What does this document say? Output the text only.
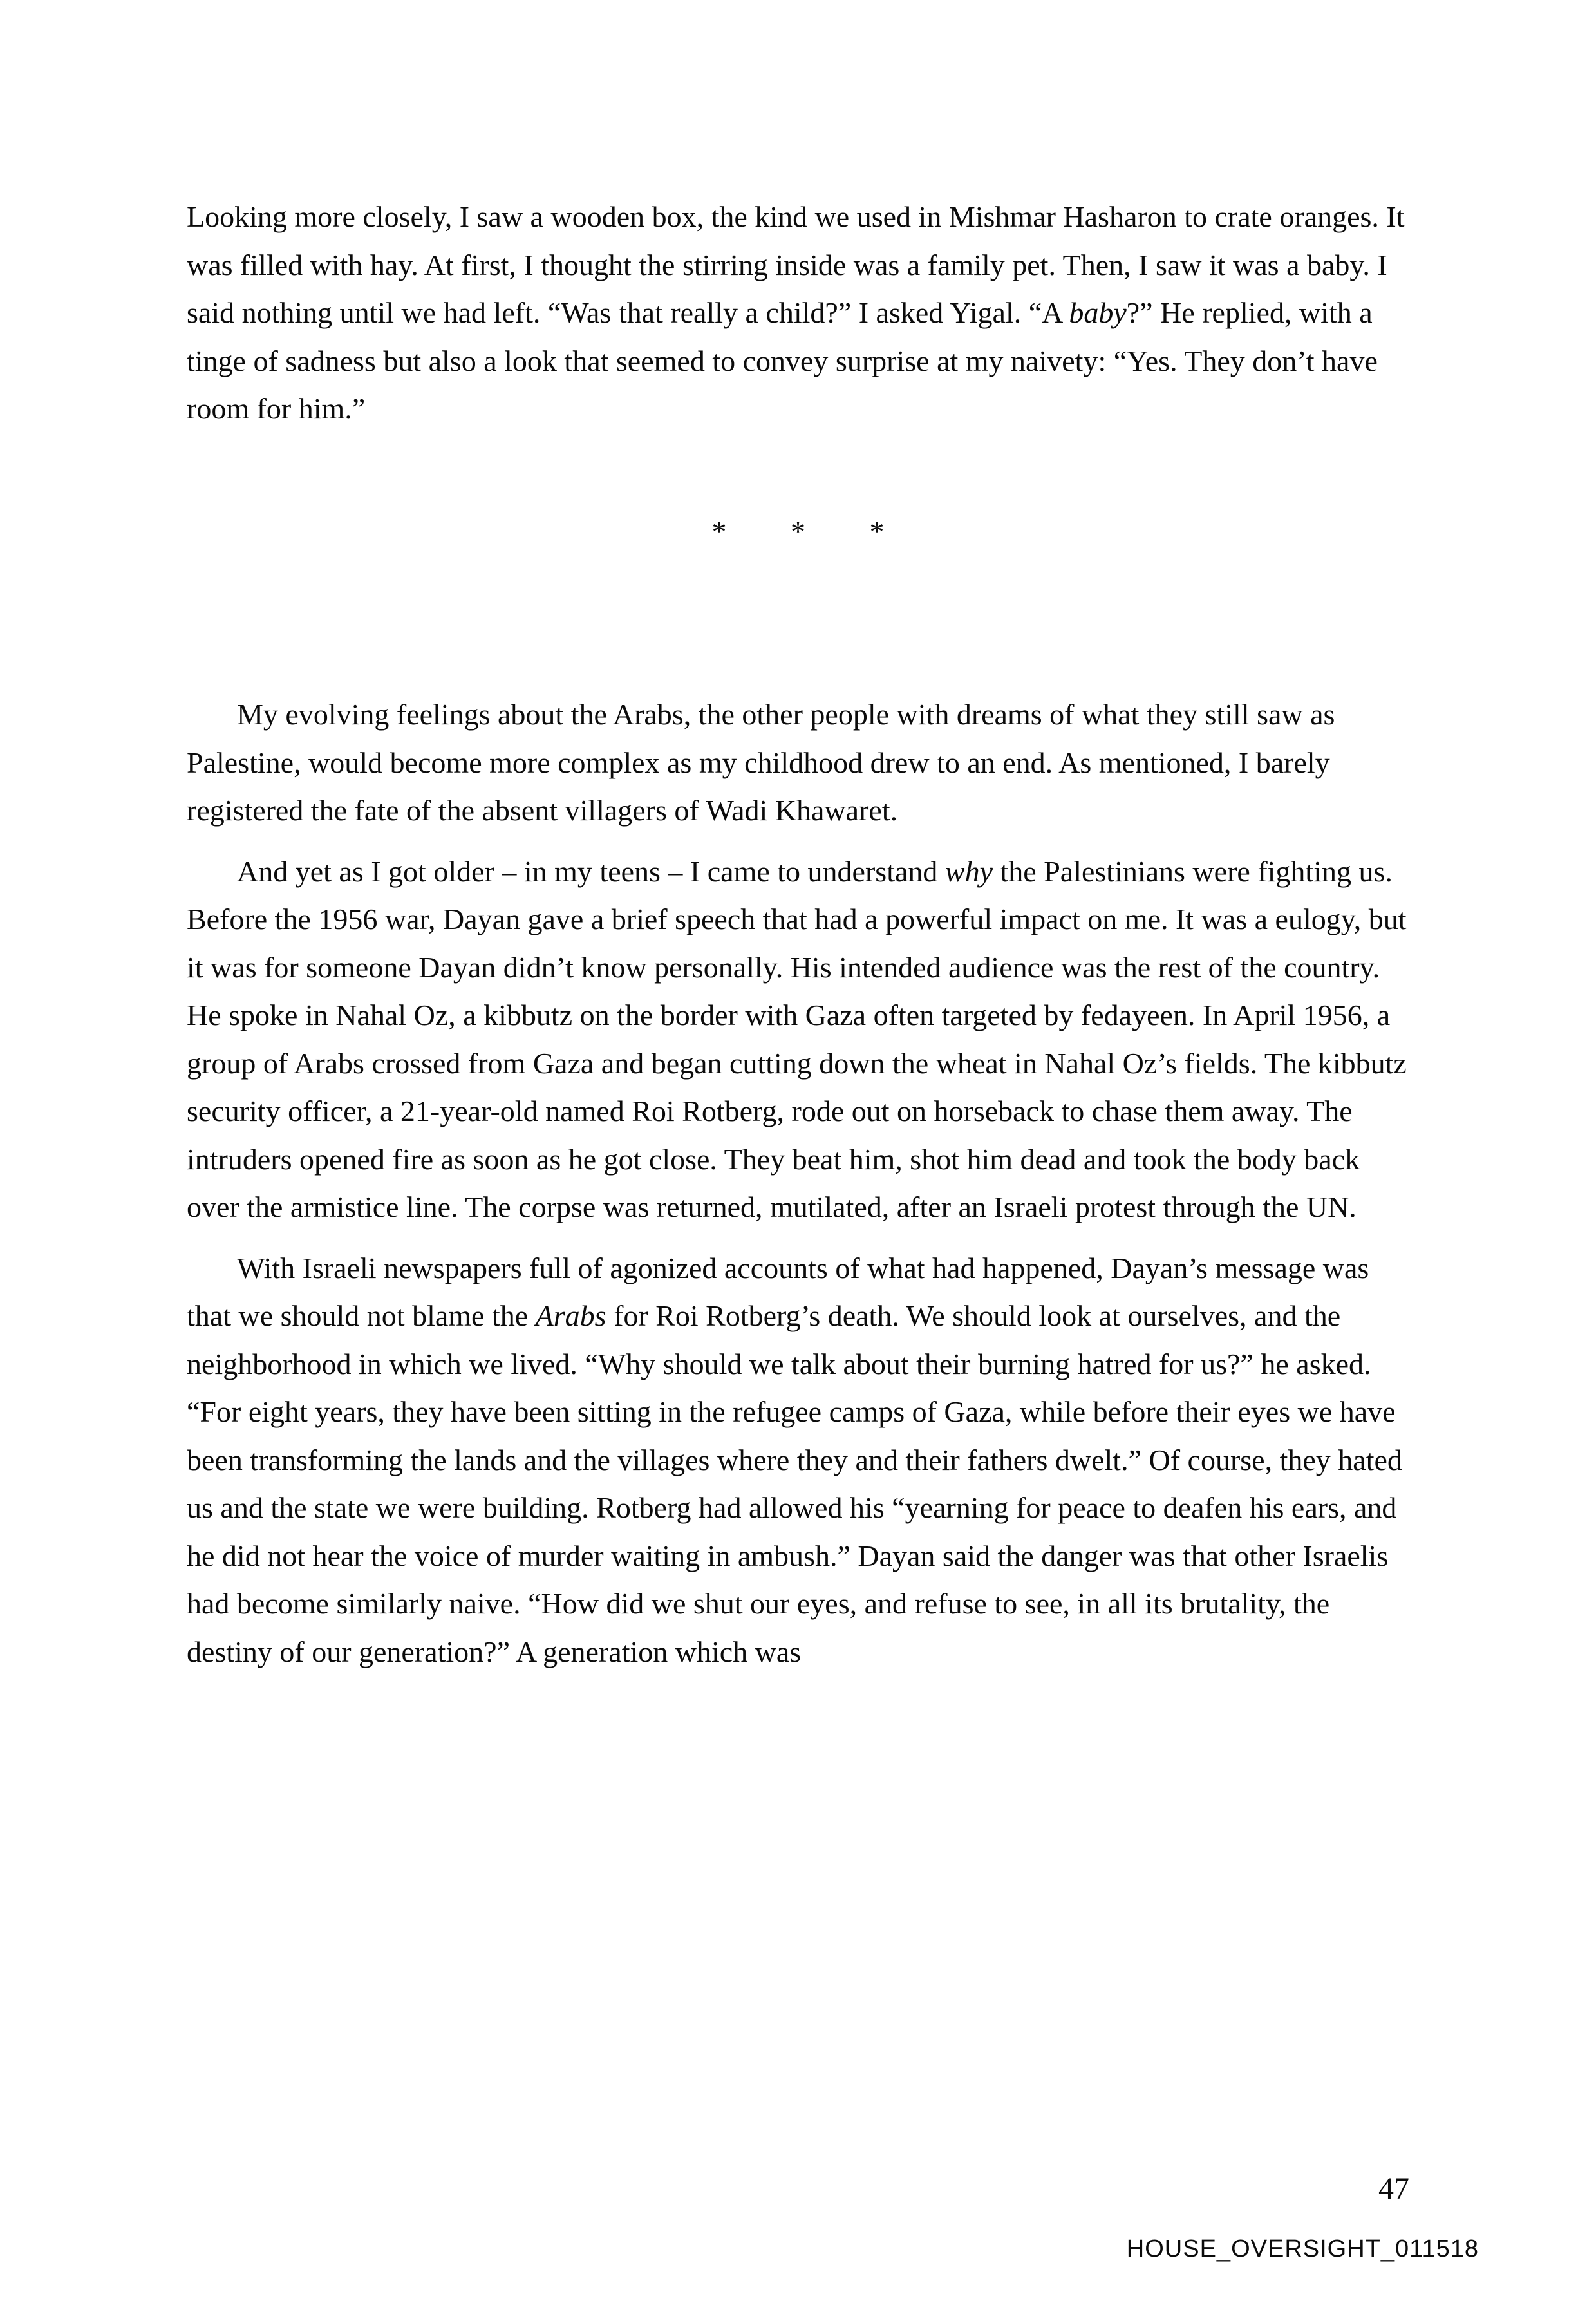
Looking more closely, I saw a wooden box, the kind we used in Mishmar Hasharon to crate oranges. It was filled with hay. At first, I thought the stirring inside was a family pet. Then, I saw it was a baby. I said nothing until we had left. “Was that really a child?” I asked Yigal. “A baby?” He replied, with a tinge of sadness but also a look that seemed to convey surprise at my naivety: “Yes. They don’t have room for him.”

* * *

My evolving feelings about the Arabs, the other people with dreams of what they still saw as Palestine, would become more complex as my childhood drew to an end. As mentioned, I barely registered the fate of the absent villagers of Wadi Khawaret.

And yet as I got older – in my teens – I came to understand why the Palestinians were fighting us. Before the 1956 war, Dayan gave a brief speech that had a powerful impact on me. It was a eulogy, but it was for someone Dayan didn’t know personally. His intended audience was the rest of the country. He spoke in Nahal Oz, a kibbutz on the border with Gaza often targeted by fedayeen. In April 1956, a group of Arabs crossed from Gaza and began cutting down the wheat in Nahal Oz’s fields. The kibbutz security officer, a 21-year-old named Roi Rotberg, rode out on horseback to chase them away. The intruders opened fire as soon as he got close. They beat him, shot him dead and took the body back over the armistice line. The corpse was returned, mutilated, after an Israeli protest through the UN.

With Israeli newspapers full of agonized accounts of what had happened, Dayan’s message was that we should not blame the Arabs for Roi Rotberg’s death. We should look at ourselves, and the neighborhood in which we lived. “Why should we talk about their burning hatred for us?” he asked. “For eight years, they have been sitting in the refugee camps of Gaza, while before their eyes we have been transforming the lands and the villages where they and their fathers dwelt.” Of course, they hated us and the state we were building. Rotberg had allowed his “yearning for peace to deafen his ears, and he did not hear the voice of murder waiting in ambush.” Dayan said the danger was that other Israelis had become similarly naive. “How did we shut our eyes, and refuse to see, in all its brutality, the destiny of our generation?” A generation which was

47
HOUSE_OVERSIGHT_011518
